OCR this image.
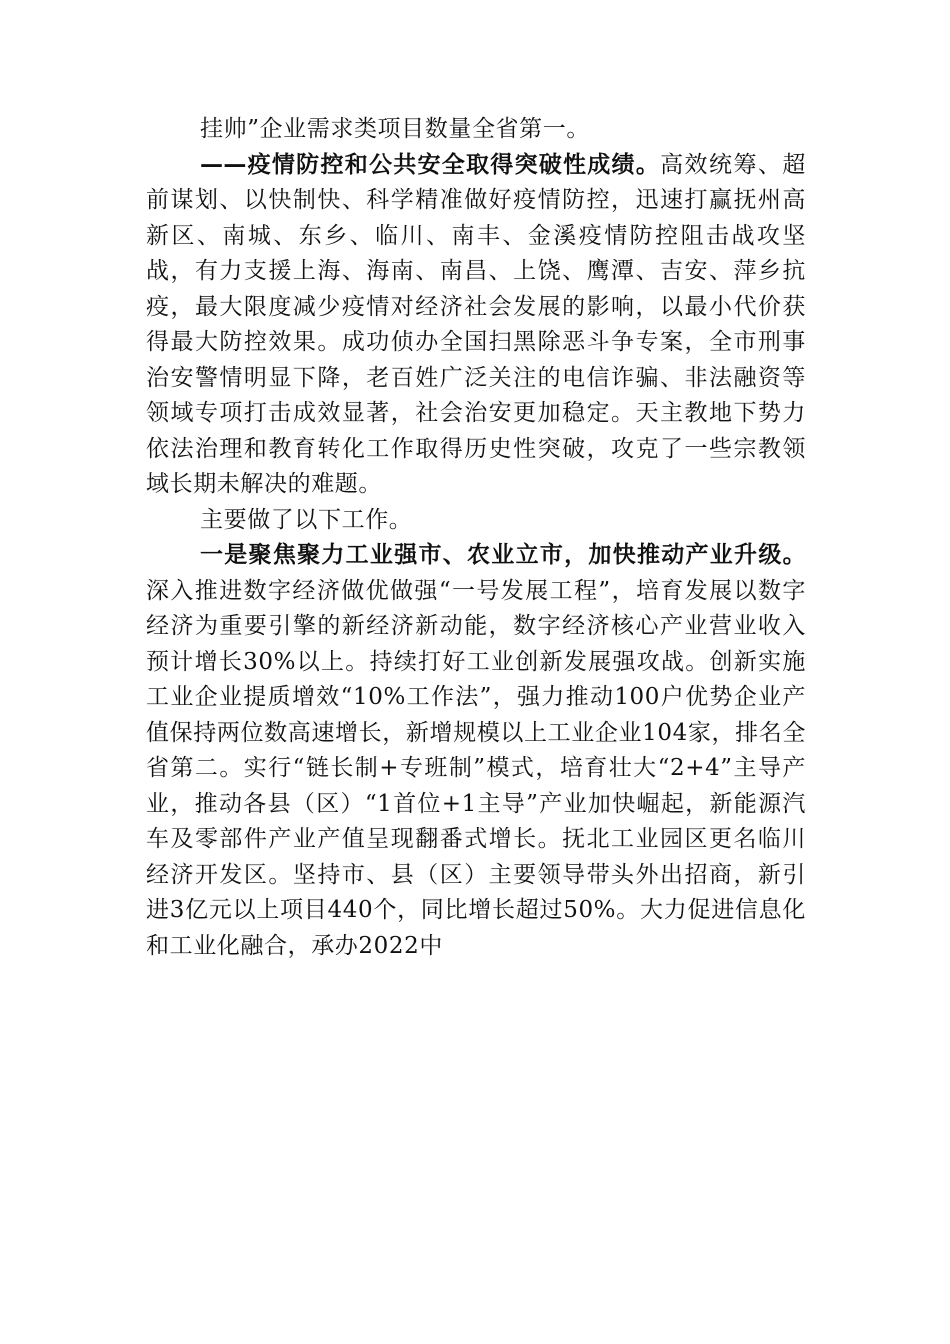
挂帅”企业需求类项目数量全省第一。

——疫情防控和公共安全取得突破性成绩。高效统筹、超前谋划、以快制快、科学精准做好疫情防控，迅速打赢抚州高新区、南城、东乡、临川、南丰、金溪疫情防控阻击战攻坚战，有力支援上海、海南、南昌、上饶、鹰潭、吉安、萍乡抗疫，最大限度减少疫情对经济社会发展的影响，以最小代价获得最大防控效果。成功侦办全国扫黑除恶斗争专案，全市刑事治安警情明显下降，老百姓广泛关注的电信诈骗、非法融资等领域专项打击成效显著，社会治安更加稳定。天主教地下势力依法治理和教育转化工作取得历史性突破，攻克了一些宗教领域长期未解决的难题。

主要做了以下工作。

一是聚焦聚力工业强市、农业立市，加快推动产业升级。深入推进数字经济做优做强“一号发展工程”，培育发展以数字经济为重要引擎的新经济新动能，数字经济核心产业营业收入预计增长30%以上。持续打好工业创新发展强攻战。创新实施工业企业提质增效“10%工作法”，强力推动100户优势企业产值保持两位数高速增长，新增规模以上工业企业104家，排名全省第二。实行“链长制+专班制”模式，培育壮大“2+4”主导产业，推动各县（区）“1首位+1主导”产业加快崛起，新能源汽车及零部件产业产值呈现翻番式增长。抚北工业园区更名临川经济开发区。坚持市、县（区）主要领导带头外出招商，新引进3亿元以上项目440个，同比增长超过50%。大力促进信息化和工业化融合，承办2022中
